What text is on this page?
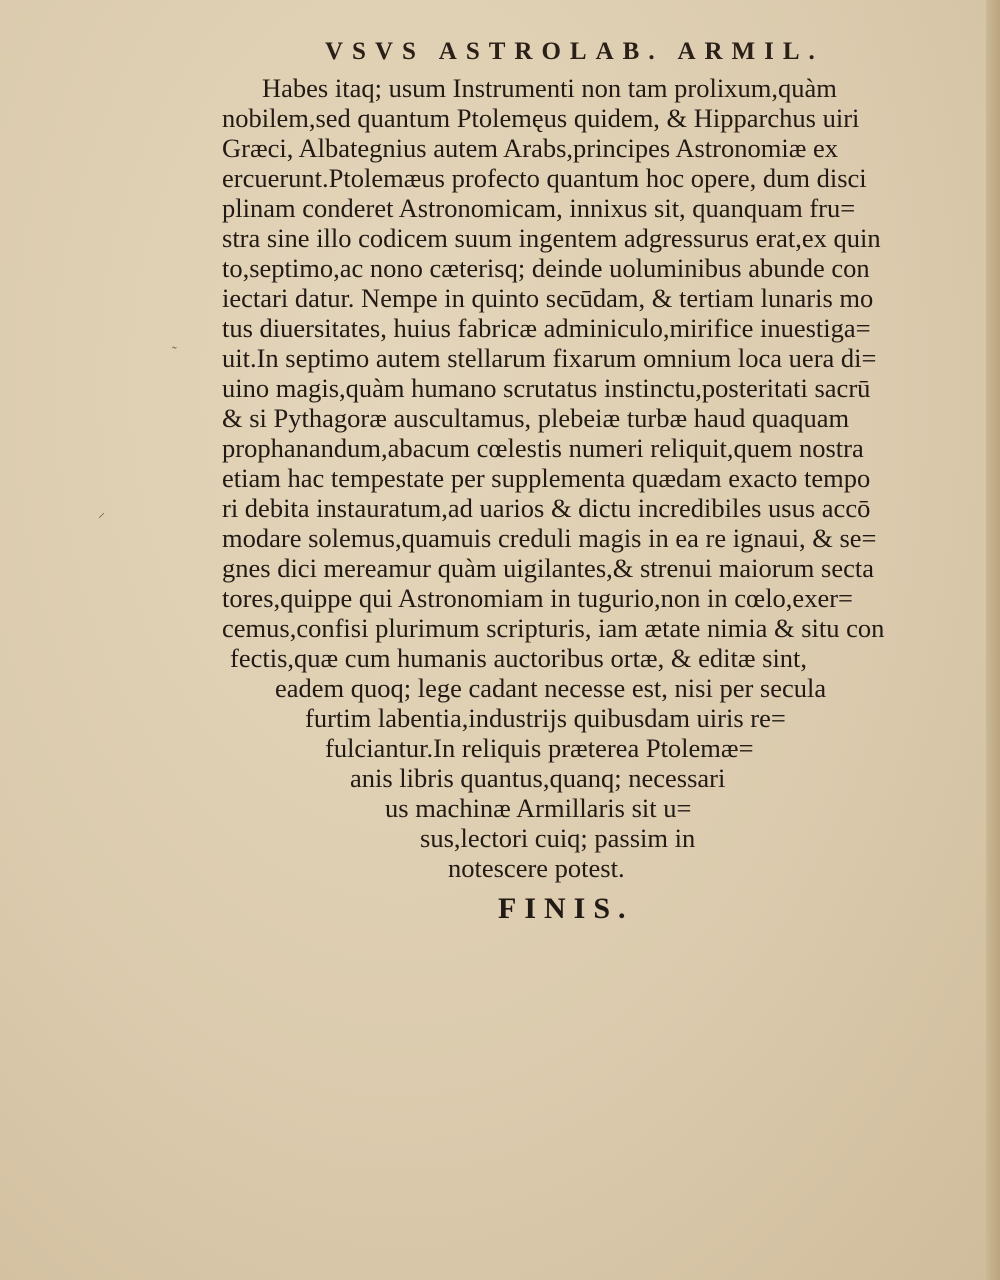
VSVS ASTROLAB. ARMIL.
Habes itaq; usum Instrumenti non tam prolixum,quàm
nobilem,sed quantum Ptolemęus quidem, & Hipparchus uiri
Græci, Albategnius autem Arabs,principes Astronomiæ ex
ercuerunt.Ptolemæus profecto quantum hoc opere, dum disci
plinam conderet Astronomicam, innixus sit, quanquam fru=
stra sine illo codicem suum ingentem adgressurus erat,ex quin
to,septimo,ac nono cæterisq; deinde uoluminibus abunde con
iectari datur. Nempe in quinto secūdam, & tertiam lunaris mo
tus diuersitates, huius fabricæ adminiculo,mirifice inuestiga=
uit.In septimo autem stellarum fixarum omnium loca uera di=
uino magis,quàm humano scrutatus instinctu,posteritati sacrū
& si Pythagoræ auscultamus, plebeiæ turbæ haud quaquam
prophanandum,abacum cœlestis numeri reliquit,quem nostra
etiam hac tempestate per supplementa quædam exacto tempo
ri debita instauratum,ad uarios & dictu incredibiles usus accō
modare solemus,quamuis creduli magis in ea re ignaui, & se=
gnes dici mereamur quàm uigilantes,& strenui maiorum secta
tores,quippe qui Astronomiam in tugurio,non in cœlo,exer=
cemus,confisi plurimum scripturis, iam ætate nimia & situ con
fectis,quæ cum humanis auctoribus ortæ, & editæ sint,
eadem quoq; lege cadant necesse est, nisi per secula
furtim labentia,industrijs quibusdam uiris re=
fulciantur.In reliquis præterea Ptolemæ=
anis libris quantus,quanq; necessari
us machinæ Armillaris sit u=
sus,lectori cuiq; passim in
notescere potest.
FINIS.
˜
⸝
